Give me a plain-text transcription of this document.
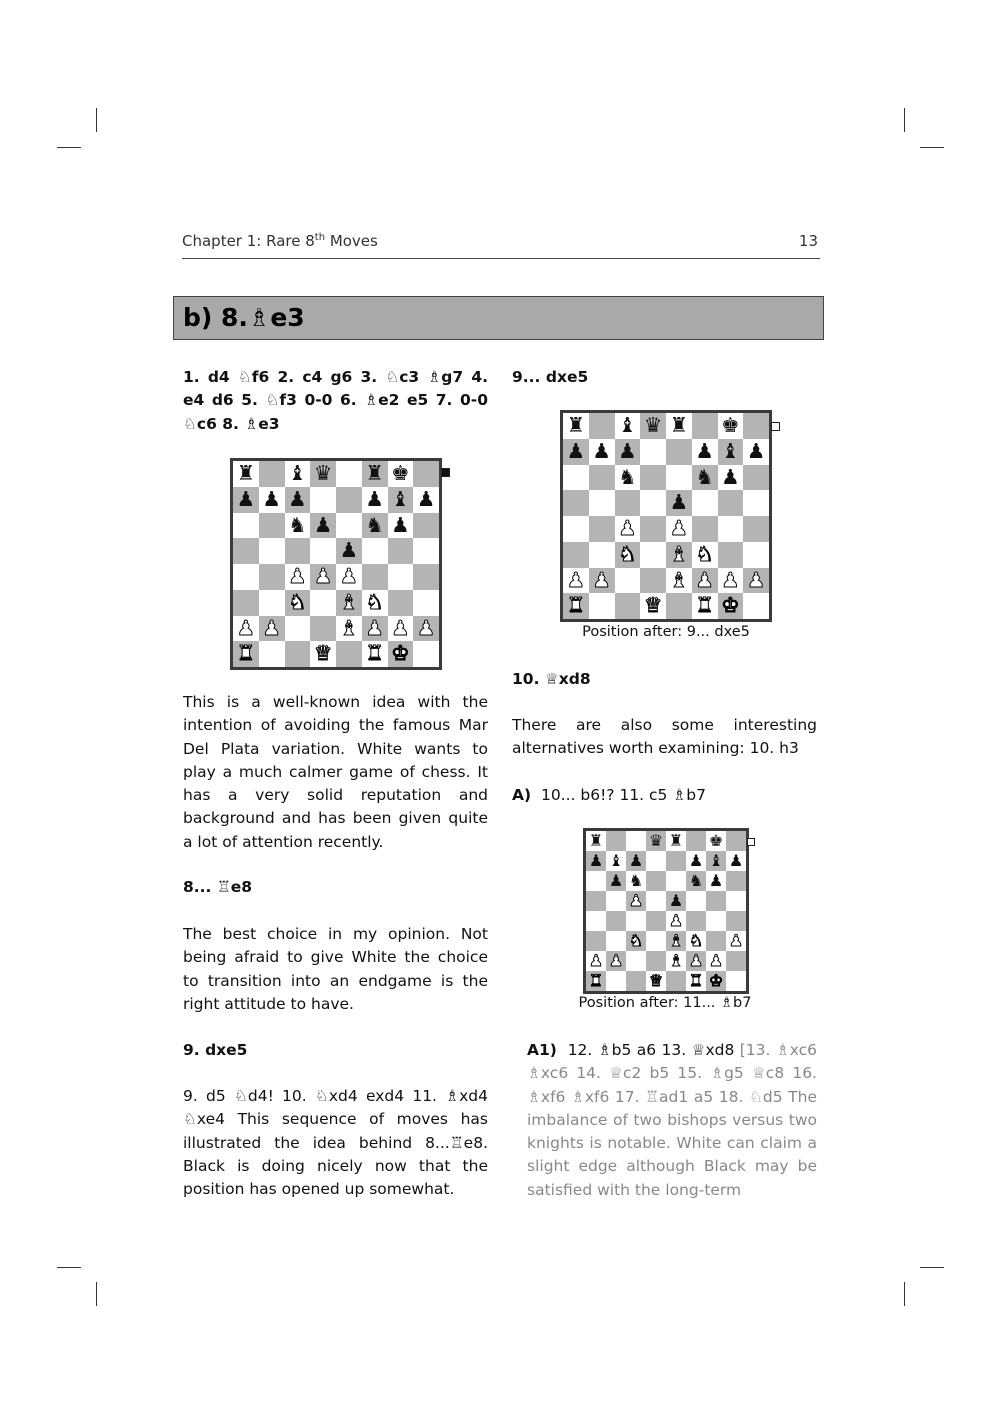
Chapter 1: Rare 8th Moves	13
b) 8.♗e3
1. d4 ♘f6 2. c4 g6 3. ♘c3 ♗g7 4. e4 d6 5. ♘f3 0-0 6. ♗e2 e5 7. 0-0 ♘c6 8. ♗e3
♜ ♝ ♛ ♜ ♚
♟ ♟ ♟	♟ ♝ ♟
♞ ♟ ♞ ♟
♟
♟ ♟ ♟
♞ ♝ ♞
♟ ♟	♝ ♟ ♟ ♟
♜	♛ ♜ ♚
This is a well-known idea with the intention of avoiding the famous Mar Del Plata variation. White wants to play a much calmer game of chess. It has a very solid reputation and background and has been given quite a lot of attention recently.
8... ♖e8
The best choice in my opinion. Not being afraid to give White the choice to transition into an endgame is the right attitude to have.
9. dxe5
9. d5 ♘d4! 10. ♘xd4 exd4 11. ♗xd4 ♘xe4 This sequence of moves has illustrated the idea behind 8...♖e8. Black is doing nicely now that the position has opened up somewhat.
9... dxe5
♜ ♝ ♛ ♜ ♚
♟ ♟ ♟	♟ ♝ ♟
♞	♞ ♟
♟
♟ ♟
♞ ♝ ♞
♟ ♟	♝ ♟ ♟ ♟
♜	♛ ♜ ♚
Position after: 9... dxe5
10. ♕xd8
There are also some interesting alternatives worth examining: 10. h3
A) 10... b6!? 11. c5 ♗b7
♜	♛ ♜ ♚
♟ ♝ ♟	♟ ♝ ♟
♟ ♞	♞ ♟
♟ ♟
♟
♞ ♝ ♞ ♟
♟ ♟	♝ ♟ ♟
♜	♛ ♜ ♚
Position after: 11... ♗b7
A1) 12. ♗b5 a6 13. ♕xd8 [13. ♗xc6 ♗xc6 14. ♕c2 b5 15. ♗g5 ♕c8 16. ♗xf6 ♗xf6 17. ♖ad1 a5 18. ♘d5 The imbalance of two bishops versus two knights is notable. White can claim a slight edge although Black may be satisfied with the long-term
